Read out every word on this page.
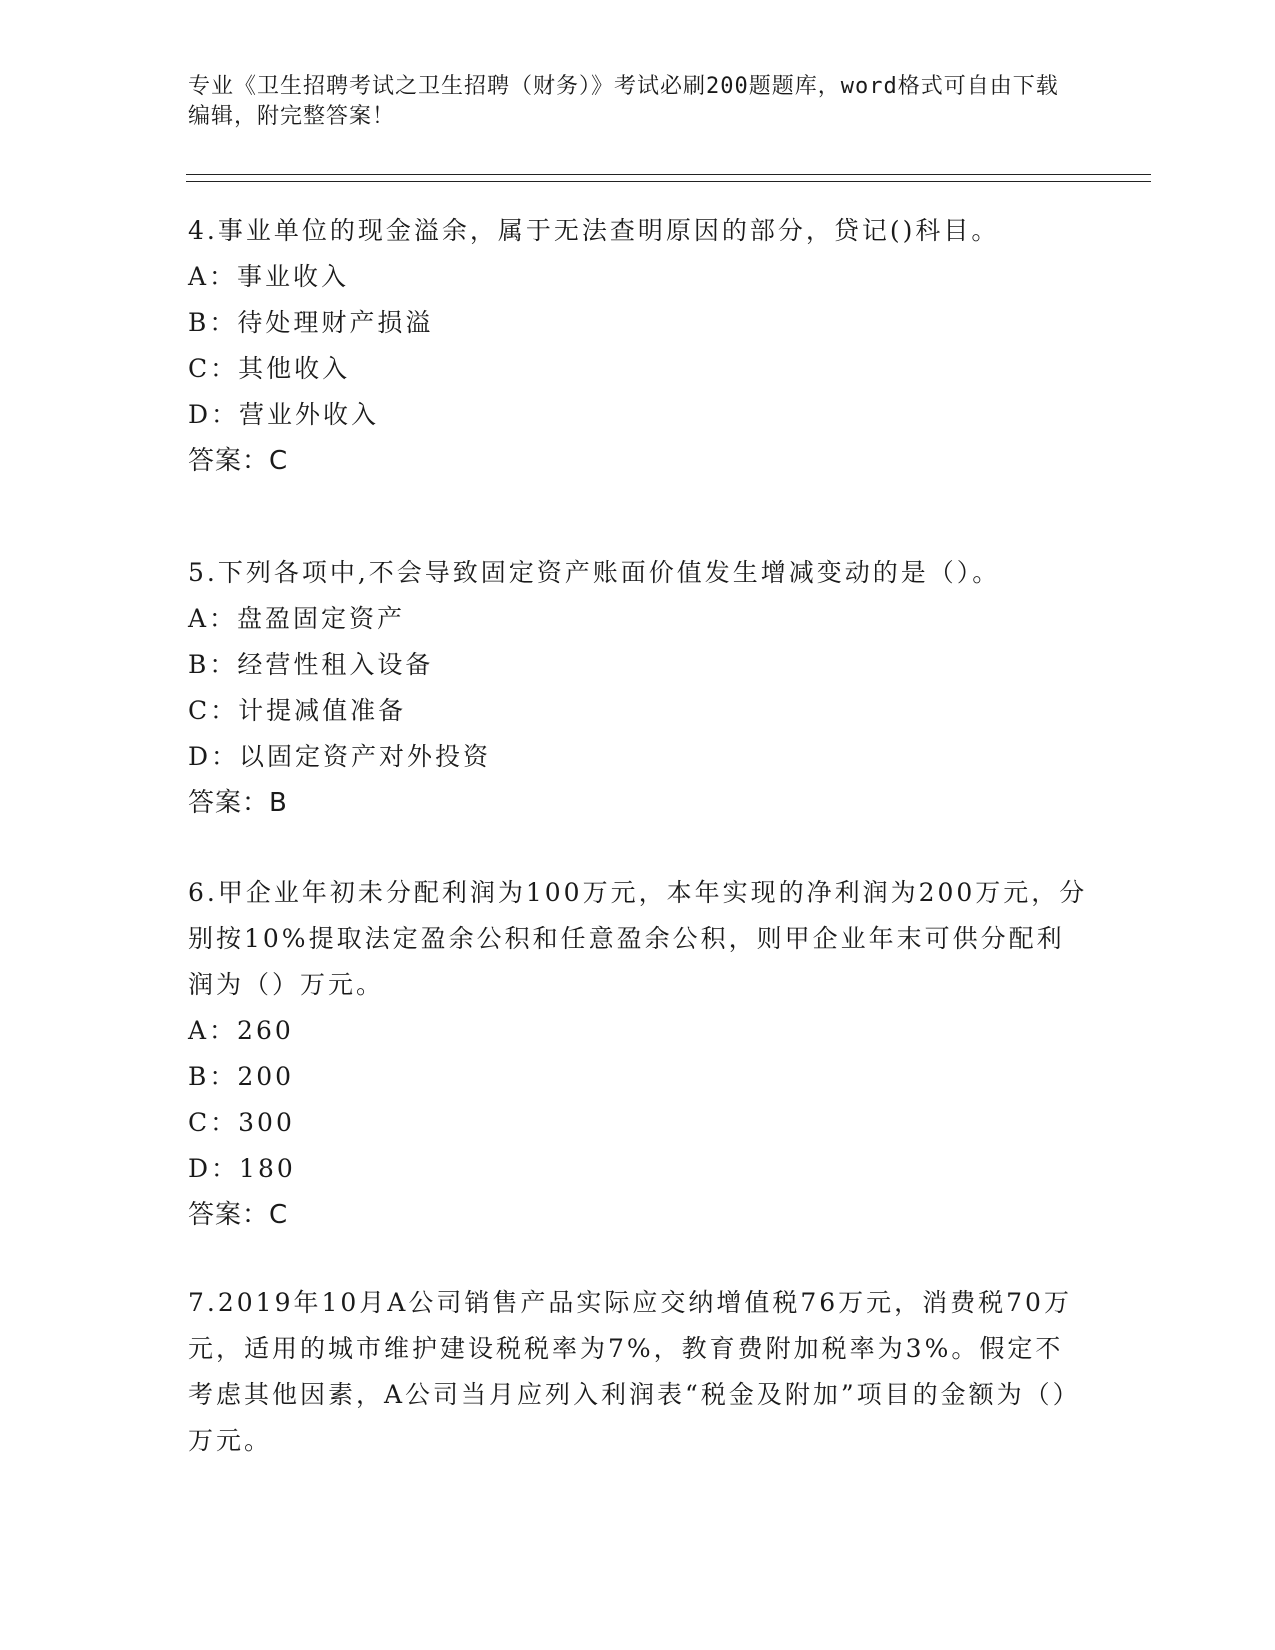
专业《卫生招聘考试之卫生招聘（财务）》考试必刷200题题库，word格式可自由下载编辑，附完整答案！
4.事业单位的现金溢余，属于无法查明原因的部分，贷记()科目。
A：事业收入
B：待处理财产损溢
C：其他收入
D：营业外收入
答案：C
5.下列各项中,不会导致固定资产账面价值发生增减变动的是（）。
A：盘盈固定资产
B：经营性租入设备
C：计提减值准备
D：以固定资产对外投资
答案：B
6.甲企业年初未分配利润为100万元，本年实现的净利润为200万元，分别按10%提取法定盈余公积和任意盈余公积，则甲企业年末可供分配利润为（）万元。
A：260
B：200
C：300
D：180
答案：C
7.2019年10月A公司销售产品实际应交纳增值税76万元，消费税70万元，适用的城市维护建设税税率为7%，教育费附加税率为3%。假定不考虑其他因素，A公司当月应列入利润表“税金及附加”项目的金额为（）万元。
